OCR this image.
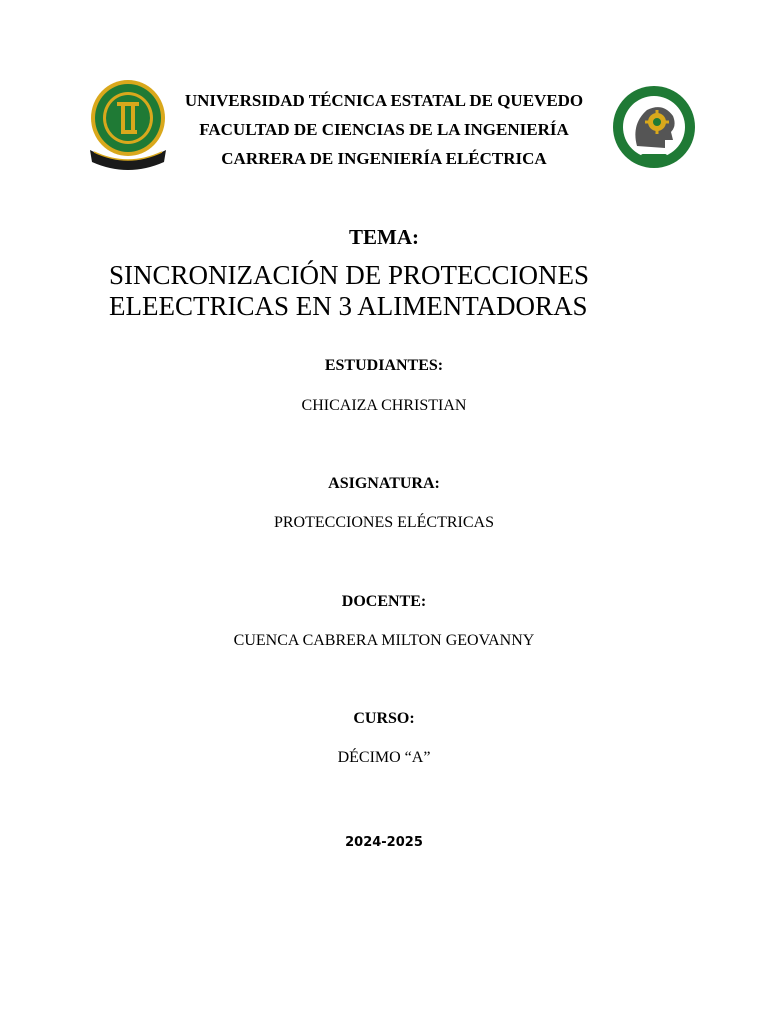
UNIVERSIDAD TÉCNICA ESTATAL DE QUEVEDO
FACULTAD DE CIENCIAS DE LA INGENIERÍA
CARRERA DE INGENIERÍA ELÉCTRICA
TEMA:
SINCRONIZACIÓN DE PROTECCIONES
ELEECTRICAS EN 3 ALIMENTADORAS
ESTUDIANTES:
CHICAIZA CHRISTIAN
ASIGNATURA:
PROTECCIONES ELÉCTRICAS
DOCENTE:
CUENCA CABRERA MILTON GEOVANNY
CURSO:
DÉCIMO “A”
2024-2025
